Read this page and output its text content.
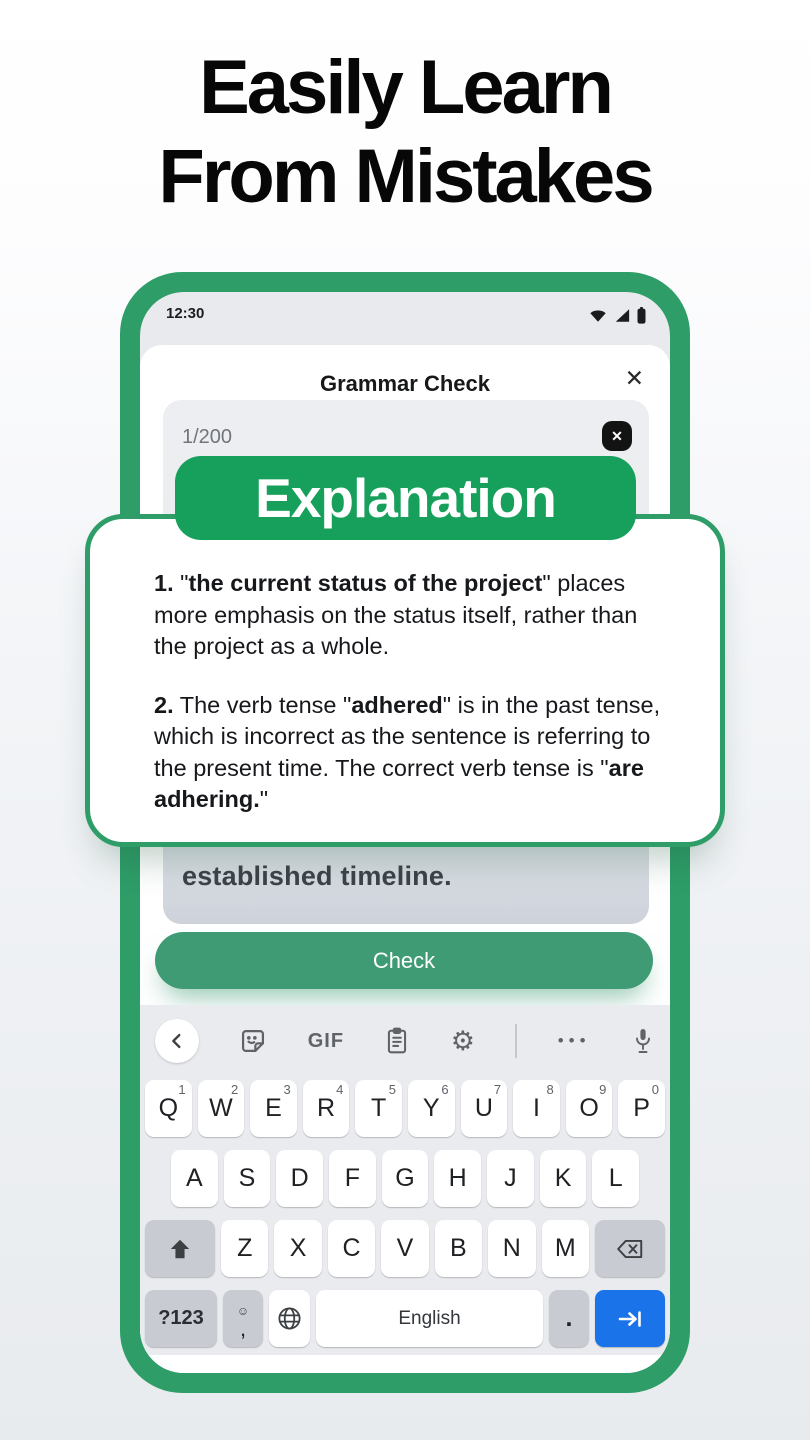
Easily Learn
From Mistakes
12:30
Grammar Check	✕
1/200	✕
established timeline.
Check
GIF	⚙	•••
1
Q
2
W
3
E
4
R
5
T
6
Y
7
U
8
I
9
O
0
P
A	S	D	F	G	H	J	K	L
Z	X	C	V	B	N	M
?123	☺
,	English	.
Explanation

1. "the current status of the project" places more emphasis on the status itself, rather than the project as a whole.

2. The verb tense "adhered" is in the past tense, which is incorrect as the sentence is referring to the present time. The correct verb tense is "are adhering."
